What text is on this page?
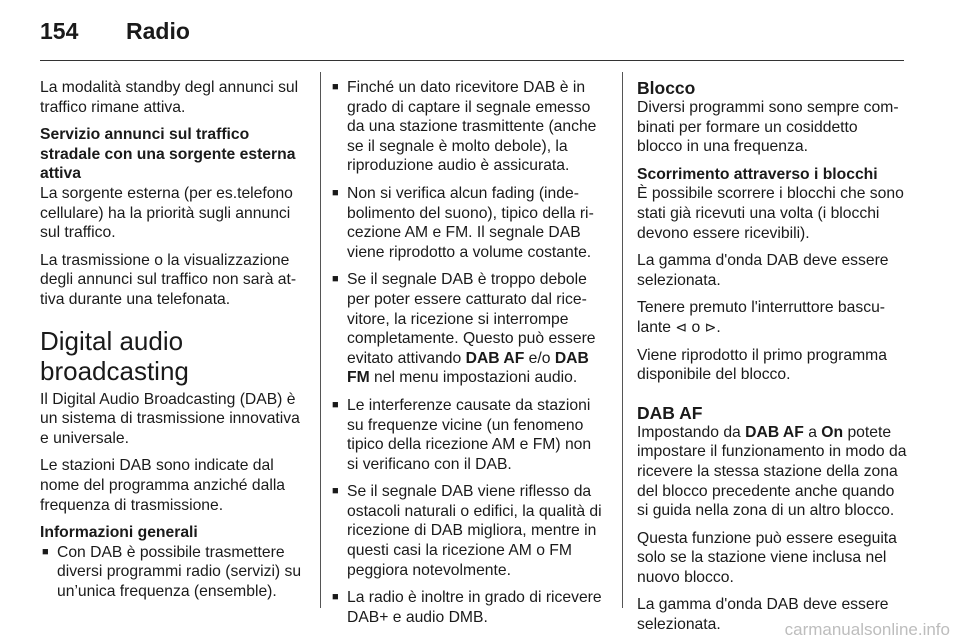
154 Radio

La modalità standby degl annunci sul traffico rimane attiva.

Servizio annunci sul traffico stradale con una sorgente esterna attiva

La sorgente esterna (per es.telefono cellulare) ha la priorità sugli annunci sul traffico.

La trasmissione o la visualizzazione degli annunci sul traffico non sarà attiva durante una telefonata.

Digital audio broadcasting

Il Digital Audio Broadcasting (DAB) è un sistema di trasmissione innovativa e universale.

Le stazioni DAB sono indicate dal nome del programma anziché dalla frequenza di trasmissione.

Informazioni generali

■ Con DAB è possibile trasmettere diversi programmi radio (servizi) su un’unica frequenza (ensemble).
■ Finché un dato ricevitore DAB è in grado di captare il segnale emesso da una stazione trasmittente (anche se il segnale è molto debole), la riproduzione audio è assicurata.
■ Non si verifica alcun fading (indebolimento del suono), tipico della ricezione AM e FM. Il segnale DAB viene riprodotto a volume costante.
■ Se il segnale DAB è troppo debole per poter essere catturato dal ricevitore, la ricezione si interrompe completamente. Questo può essere evitato attivando DAB AF e/o DAB FM nel menu impostazioni audio.
■ Le interferenze causate da stazioni su frequenze vicine (un fenomeno tipico della ricezione AM e FM) non si verificano con il DAB.
■ Se il segnale DAB viene riflesso da ostacoli naturali o edifici, la qualità di ricezione di DAB migliora, mentre in questi casi la ricezione AM o FM peggiora notevolmente.
■ La radio è inoltre in grado di ricevere DAB+ e audio DMB.
Blocco

Diversi programmi sono sempre combinati per formare un cosiddetto blocco in una frequenza.

Scorrimento attraverso i blocchi

È possibile scorrere i blocchi che sono stati già ricevuti una volta (i blocchi devono essere ricevibili).

La gamma d'onda DAB deve essere selezionata.

Tenere premuto l'interruttore basculante ⊲ o ⊳.

Viene riprodotto il primo programma disponibile del blocco.

DAB AF

Impostando da DAB AF a On potete impostare il funzionamento in modo da ricevere la stessa stazione della zona del blocco precedente anche quando si guida nella zona di un altro blocco.

Questa funzione può essere eseguita solo se la stazione viene inclusa nel nuovo blocco.

La gamma d'onda DAB deve essere selezionata.	carmanualsonline.info
